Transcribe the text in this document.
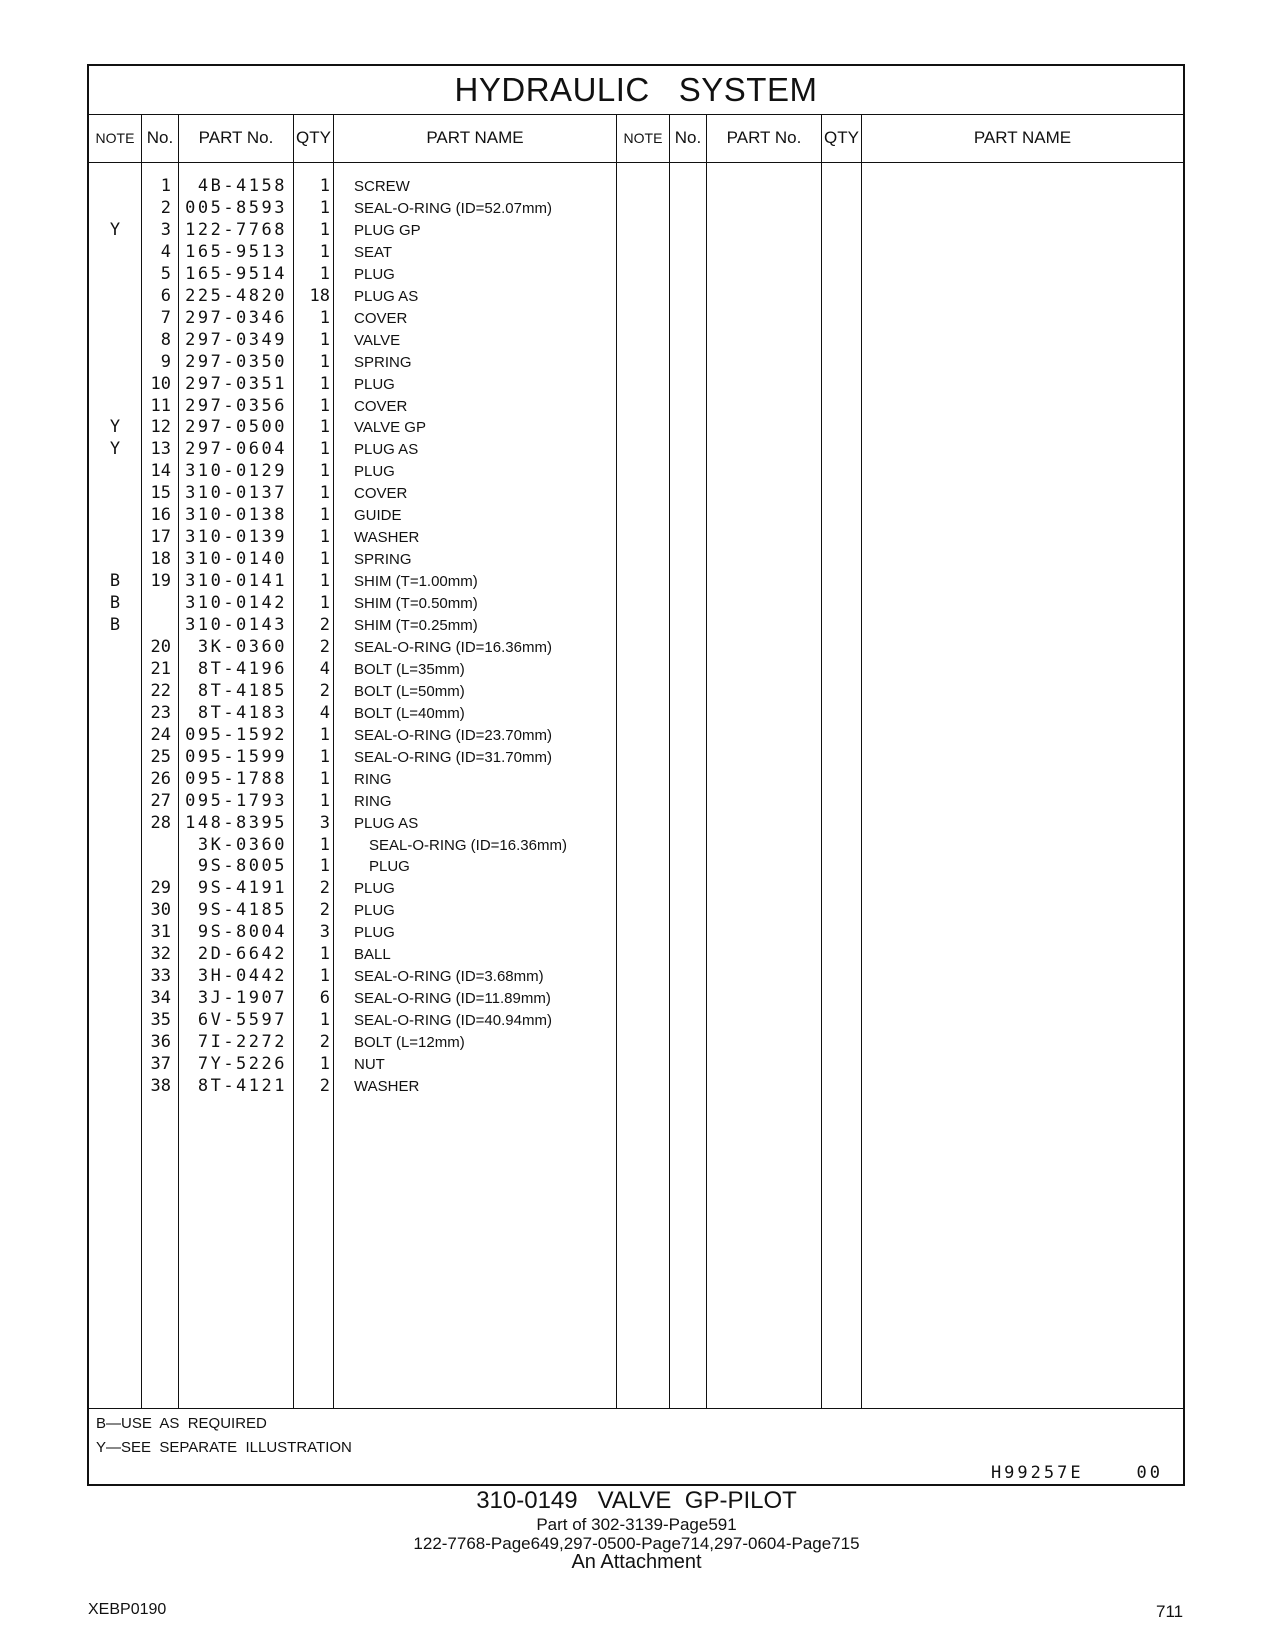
HYDRAULIC   SYSTEM
NOTE No.	PART No.	QTY	PART NAME	NOTE No.	PART No.	QTY	PART NAME
1	4B-4158	1 SCREW
2 005-8593	1 SEAL-O-RING (ID=52.07mm)
Y	3 122-7768	1 PLUG GP
4 165-9513	1 SEAT
5 165-9514	1 PLUG
6 225-4820	18 PLUG AS
7 297-0346	1 COVER
8 297-0349	1 VALVE
9 297-0350	1 SPRING
10 297-0351	1 PLUG
11 297-0356	1 COVER
Y	12 297-0500	1 VALVE GP
Y	13 297-0604	1 PLUG AS
14 310-0129	1 PLUG
15 310-0137	1 COVER
16 310-0138	1 GUIDE
17 310-0139	1 WASHER
18 310-0140	1 SPRING
B	19 310-0141	1 SHIM (T=1.00mm)
B	310-0142	1 SHIM (T=0.50mm)
B	310-0143	2 SHIM (T=0.25mm)
20	3K-0360	2 SEAL-O-RING (ID=16.36mm)
21	8T-4196	4 BOLT (L=35mm)
22	8T-4185	2 BOLT (L=50mm)
23	8T-4183	4 BOLT (L=40mm)
24 095-1592	1 SEAL-O-RING (ID=23.70mm)
25 095-1599	1 SEAL-O-RING (ID=31.70mm)
26 095-1788	1 RING
27 095-1793	1 RING
28 148-8395	3 PLUG AS
3K-0360	1	SEAL-O-RING (ID=16.36mm)
9S-8005	1	PLUG
29	9S-4191	2 PLUG
30	9S-4185	2 PLUG
31	9S-8004	3 PLUG
32	2D-6642	1 BALL
33	3H-0442	1 SEAL-O-RING (ID=3.68mm)
34	3J-1907	6 SEAL-O-RING (ID=11.89mm)
35	6V-5597	1 SEAL-O-RING (ID=40.94mm)
36	7I-2272	2 BOLT (L=12mm)
37	7Y-5226	1 NUT
38	8T-4121	2 WASHER
B—USE  AS  REQUIRED
Y—SEE  SEPARATE  ILLUSTRATION
H99257E    00
310-0149   VALVE  GP-PILOT
Part of 302-3139-Page591
122-7768-Page649,297-0500-Page714,297-0604-Page715
An Attachment
XEBP0190	711
